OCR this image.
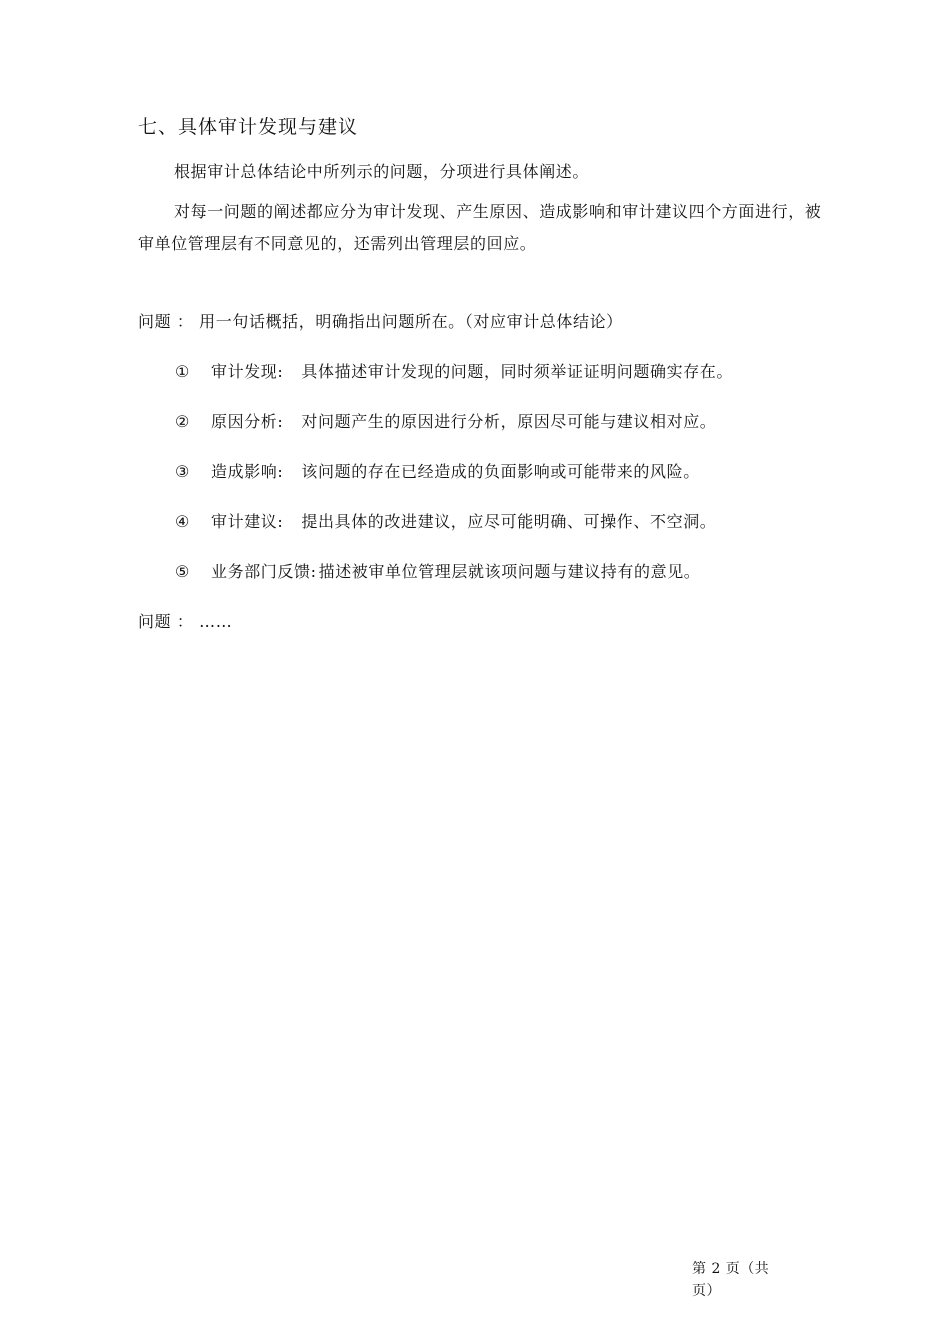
七、具体审计发现与建议
根据审计总体结论中所列示的问题，分项进行具体阐述。
对每一问题的阐述都应分为审计发现、产生原因、造成影响和审计建议四个方面进行，被审单位管理层有不同意见的，还需列出管理层的回应。
问题 ： 用一句话概括，明确指出问题所在。（对应审计总体结论）
① 审计发现: 具体描述审计发现的问题，同时须举证证明问题确实存在。
② 原因分析: 对问题产生的原因进行分析，原因尽可能与建议相对应。
③ 造成影响: 该问题的存在已经造成的负面影响或可能带来的风险。
④ 审计建议: 提出具体的改进建议，应尽可能明确、可操作、不空洞。
⑤ 业务部门反馈: 描述被审单位管理层就该项问题与建议持有的意见。
问题 ： ……
第 2 页（共 页）
